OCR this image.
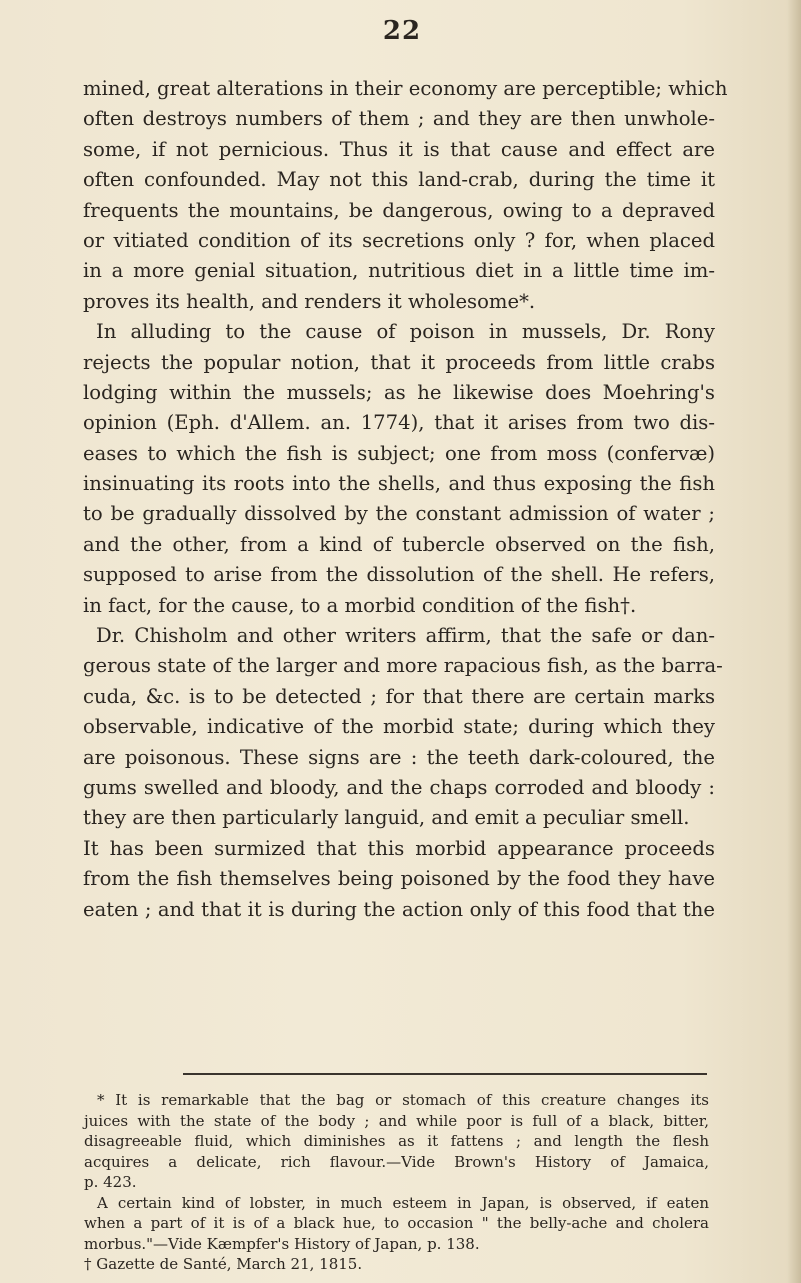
22
mined, great alterations in their economy are perceptible; which
often destroys numbers of them ; and they are then unwhole-
some, if not pernicious. Thus it is that cause and effect are
often confounded. May not this land-crab, during the time it
frequents the mountains, be dangerous, owing to a depraved
or vitiated condition of its secretions only ? for, when placed
in a more genial situation, nutritious diet in a little time im-
proves its health, and renders it wholesome*.
In alluding to the cause of poison in mussels, Dr. Rony
rejects the popular notion, that it proceeds from little crabs
lodging within the mussels; as he likewise does Moehring's
opinion (Eph. d'Allem. an. 1774), that it arises from two dis-
eases to which the fish is subject; one from moss (confervæ)
insinuating its roots into the shells, and thus exposing the fish
to be gradually dissolved by the constant admission of water ;
and the other, from a kind of tubercle observed on the fish,
supposed to arise from the dissolution of the shell. He refers,
in fact, for the cause, to a morbid condition of the fish†.
Dr. Chisholm and other writers affirm, that the safe or dan-
gerous state of the larger and more rapacious fish, as the barra-
cuda, &c. is to be detected ; for that there are certain marks
observable, indicative of the morbid state; during which they
are poisonous. These signs are : the teeth dark-coloured, the
gums swelled and bloody, and the chaps corroded and bloody :
they are then particularly languid, and emit a peculiar smell.
It has been surmized that this morbid appearance proceeds
from the fish themselves being poisoned by the food they have
eaten ; and that it is during the action only of this food that the
* It is remarkable that the bag or stomach of this creature changes its
juices with the state of the body ; and while poor is full of a black, bitter,
disagreeable fluid, which diminishes as it fattens ; and length the flesh
acquires a delicate, rich flavour.—Vide Brown's History of Jamaica,
p. 423.
A certain kind of lobster, in much esteem in Japan, is observed, if eaten
when a part of it is of a black hue, to occasion " the belly-ache and cholera
morbus."—Vide Kæmpfer's History of Japan, p. 138.
† Gazette de Santé, March 21, 1815.
